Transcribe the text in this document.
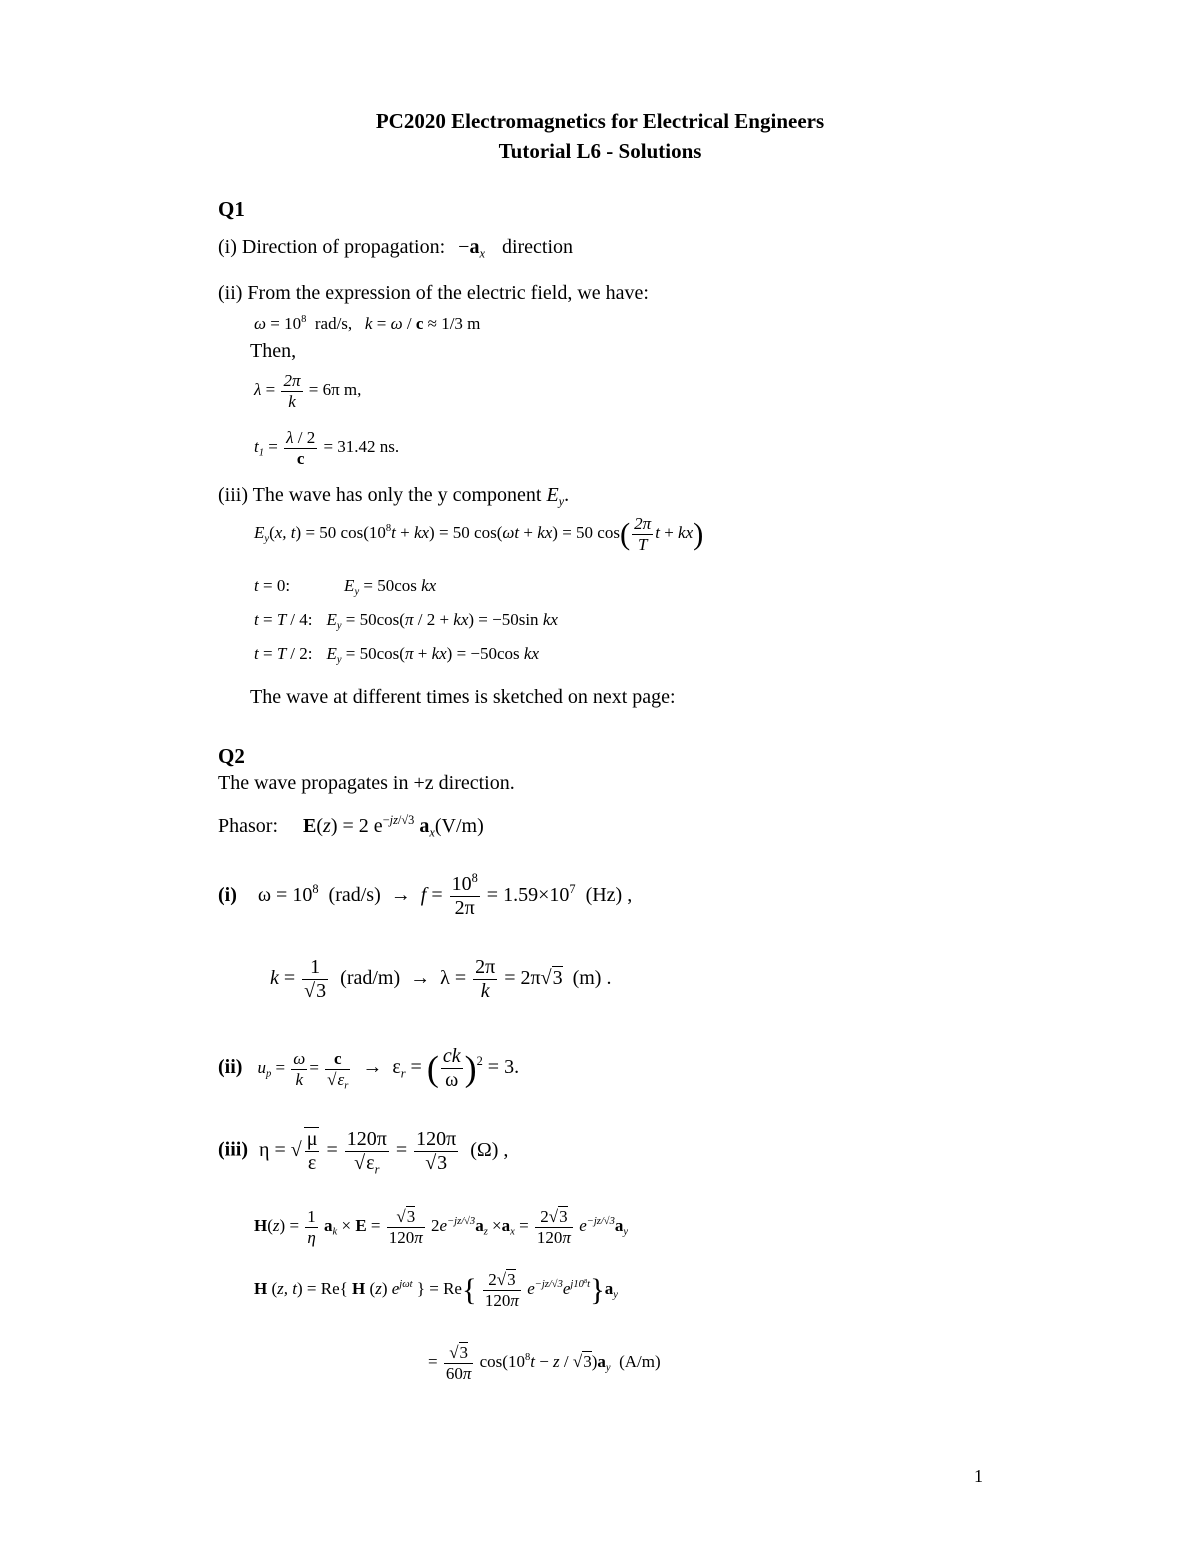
PC2020 Electromagnetics for Electrical Engineers
Tutorial L6 - Solutions
Q1
(i) Direction of propagation: $-a_x$ direction
(ii) From the expression of the electric field, we have:
$\omega = 10^8$  rad/s,   k = ω / c ≈ 1/3 m
Then,
$\lambda = \frac{2\pi}{k} = 6\pi$ m,
$t_1 = \frac{\lambda / 2}{c} = 31.42$ ns.
(iii) The wave has only the y component $E_y$.
$E_y(x$, t) = 50 $\cos(10^8t + kx) = 50$ cos(ωt + kx) = 50 $\cos( \frac{2\pi}{T}$ t + kx)
t = 0:	$E_y = 50\cos$ kx
t = T / 4: $E_y = 50\cos(\pi / 2 + kx) = -50\sin$ kx
t = T / 2: $E_y = 50\cos(\pi + kx) = -50\cos$ kx
The wave at different times is sketched on next page:
Q2
The wave propagates in +z direction.
Phasor: E(z) = 2 $e^{-jz/√3}$ $a_x(V/m)$
(i) $\omega = 10^8$  $(rad/s) \to f = \frac{10^8}{2\pi} = 1.59\times 10^7$  (Hz) ,
$k = \frac{1}{√3} (rad/m) \to \lambda = \frac{2\pi}{k} = 2\pi√3$  (m) .
(ii) $u_p = \frac{\omega}{k} = \frac{c}{√\varepsilon_r} \to \varepsilon_r$ = ( $\frac{ck}{\omega} )^2 = 3$.
(iii) η = √ $\frac{\mu}{\varepsilon} = \frac{120\pi}{√\varepsilon_r} = \frac{120\pi}{√3} (\Omega)$ ,
$H(z) = \frac{1}{\eta} a_k \times E = \frac{√3}{120\pi} 2e^{-jz/√3}a_z \times a_x = \frac{2√3}{120\pi} e^{-jz/√3}a_y$
H (z, t) = Re{ H (z) $e^{j\omega t}$ } = $Re\{ \frac{2√3}{120\pi} e^{-jz/√3}e^{j10^8t}\}a_y$
= $\frac{√3}{60\pi} \cos(10^8t - z / √3)a_y$  (A/m)
1
